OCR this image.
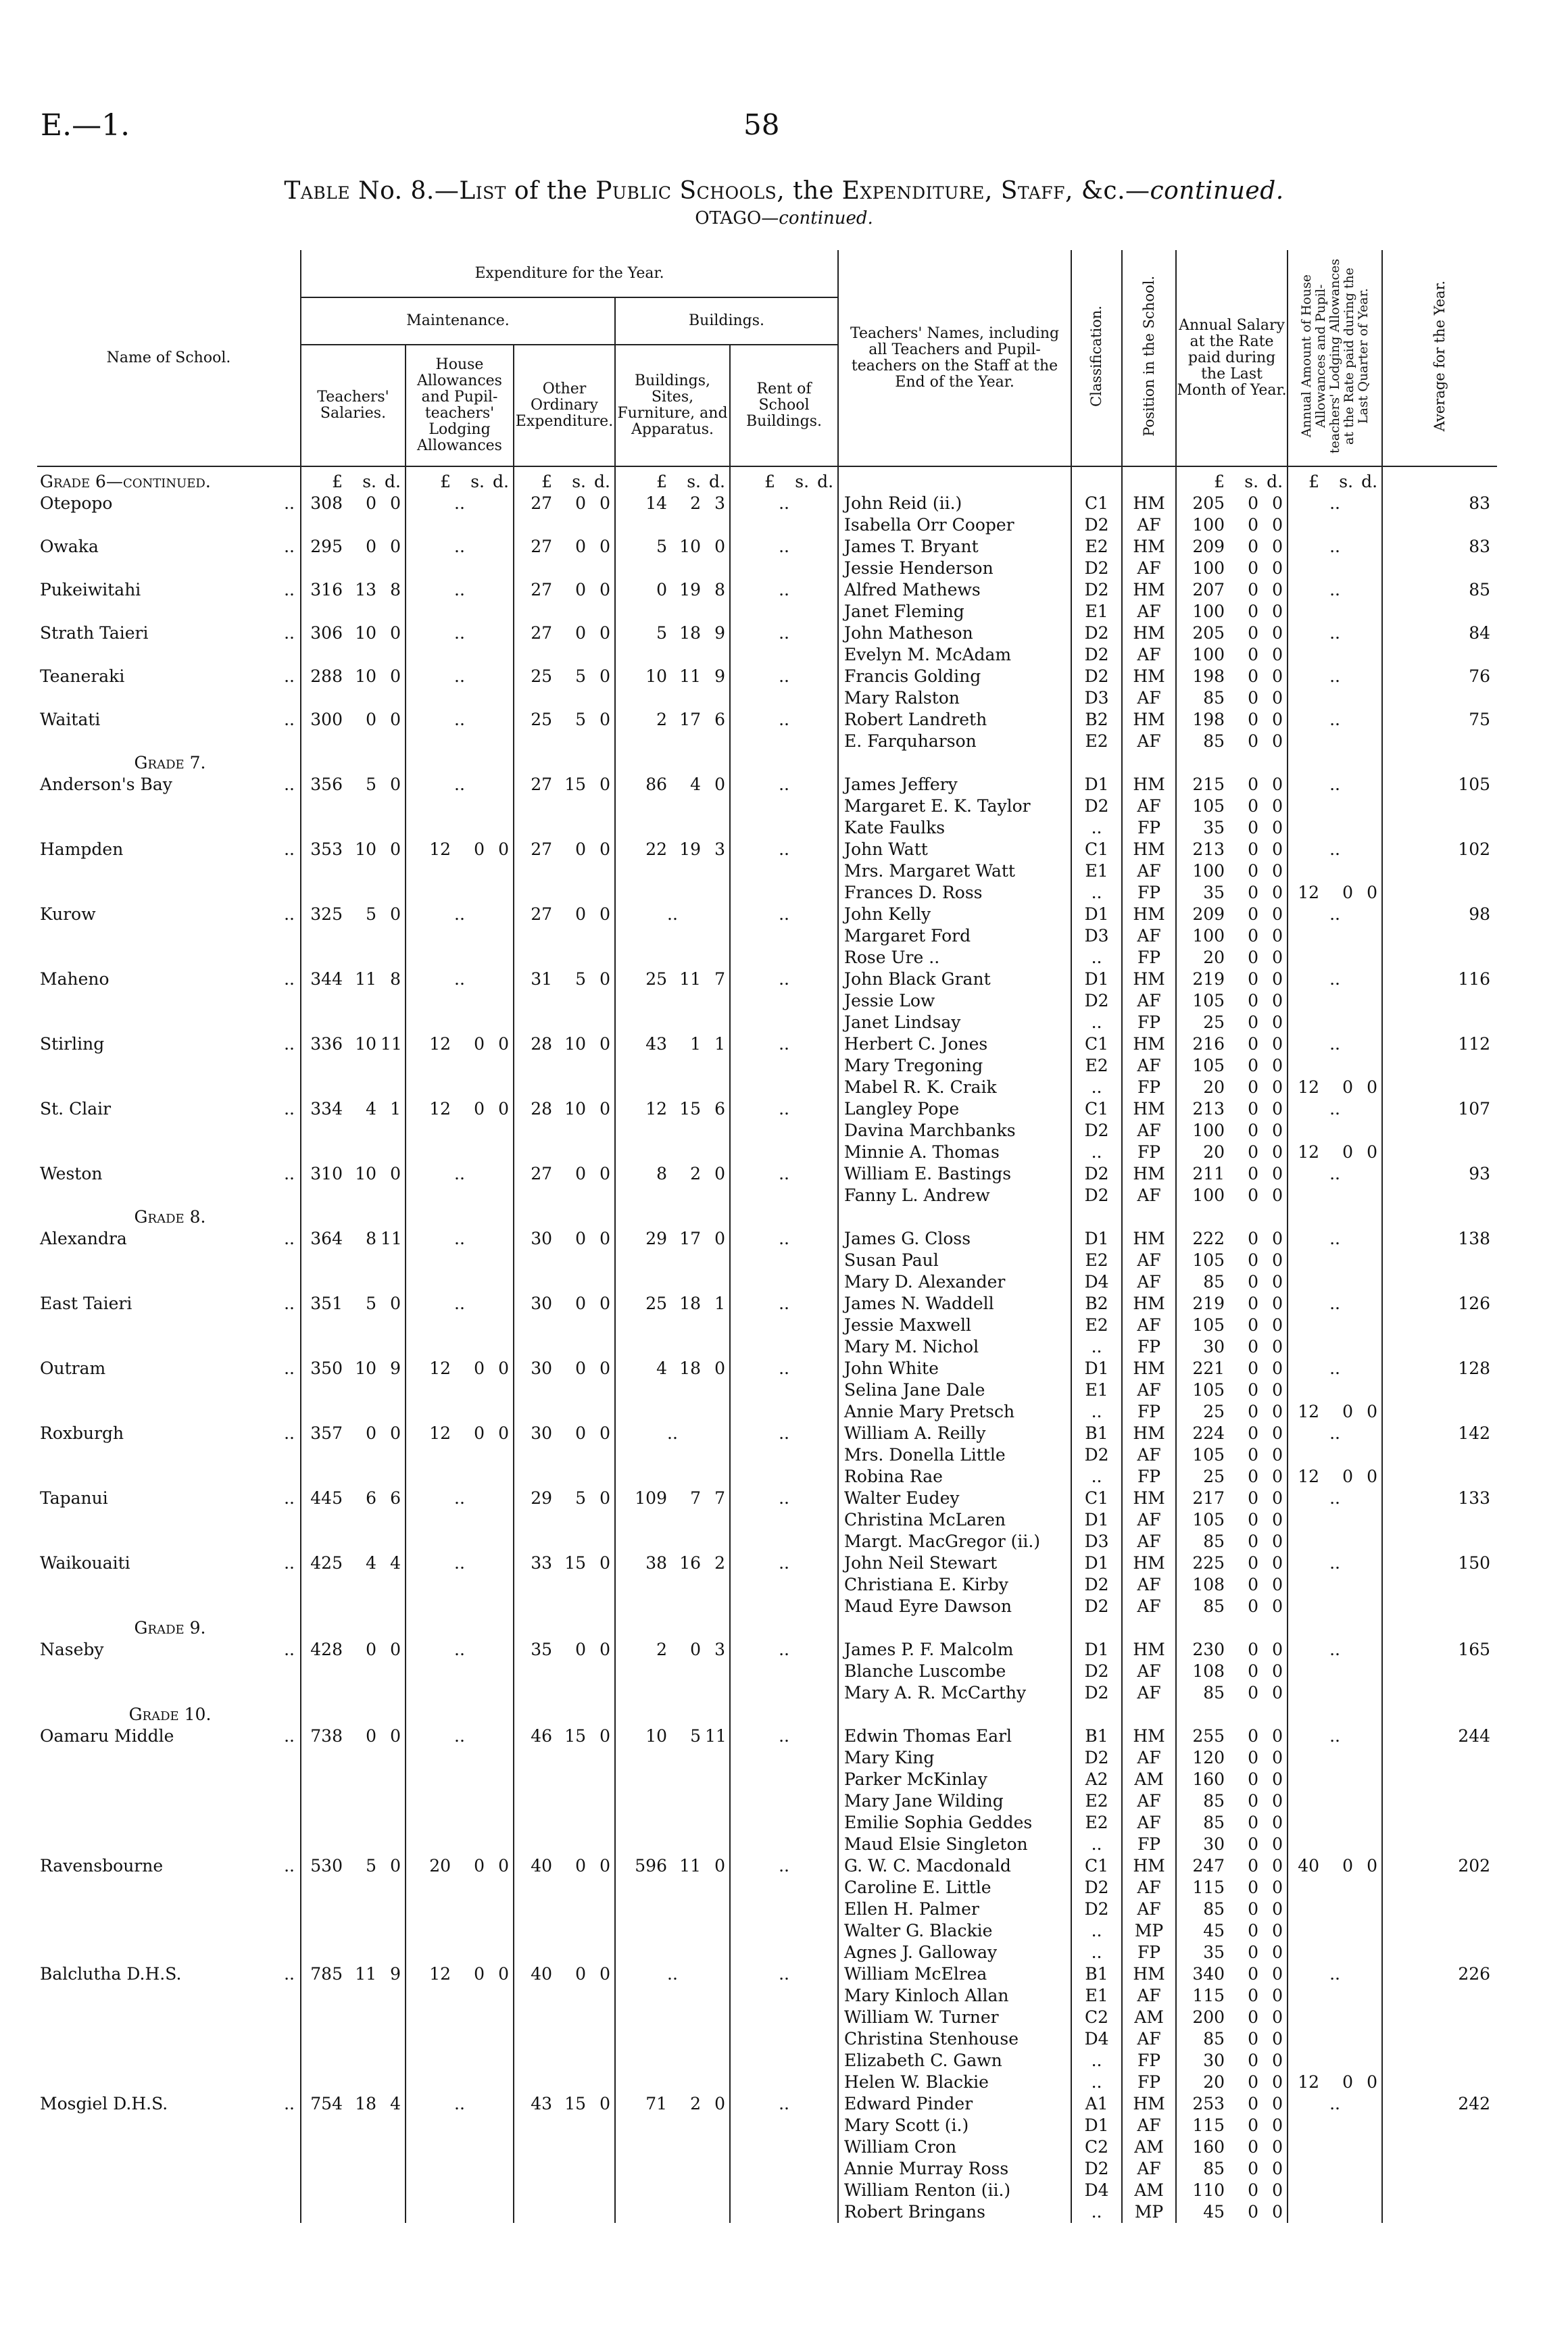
E.—1.	58
Table No. 8.—List of the Public Schools, the Expenditure, Staff, &c.—continued.
OTAGO—continued.
Name of School.	Expenditure for the Year.					Teachers' Names, including all Teachers and Pupil-teachers on the Staff at the End of the Year.	Classification.	Position in the School.	Annual Salary at the Rate paid during the Last Month of Year.	Annual Amount of House Allowances and Pupil-teachers' Lodging Allowances at the Rate paid during the Last Quarter of Year.	Average for the Year.
	Maintenance.			Buildings.							
	Teachers' Salaries.	House Allowances and Pupil-teachers' Lodging Allowances	Other Ordinary Expenditure.	Buildings, Sites, Furniture, and Apparatus.	Rent of School Buildings.						

Grade 6—continued.	£ s. d.	£ s. d.	£ s. d.	£ s. d.	£ s. d.				£ s. d.	£ s. d.	

Otepopo ..	308 0 0	..	27 0 0	14 2 3	..	John Reid (ii.)	C1	HM	205 0 0	..	83

						Isabella Orr Cooper	D2	AF	100 0 0		

Owaka ..	295 0 0	..	27 0 0	5 10 0	..	James T. Bryant	E2	HM	209 0 0	..	83

						Jessie Henderson	D2	AF	100 0 0		

Pukeiwitahi ..	316 13 8	..	27 0 0	0 19 8	..	Alfred Mathews	D2	HM	207 0 0	..	85

						Janet Fleming	E1	AF	100 0 0		

Strath Taieri ..	306 10 0	..	27 0 0	5 18 9	..	John Matheson	D2	HM	205 0 0	..	84

						Evelyn M. McAdam	D2	AF	100 0 0		

Teaneraki ..	288 10 0	..	25 5 0	10 11 9	..	Francis Golding	D2	HM	198 0 0	..	76

						Mary Ralston	D3	AF	85 0 0		

Waitati ..	300 0 0	..	25 5 0	2 17 6	..	Robert Landreth	B2	HM	198 0 0	..	75

						E. Farquharson	E2	AF	85 0 0		

Grade 7.											

Anderson's Bay ..	356 5 0	..	27 15 0	86 4 0	..	James Jeffery	D1	HM	215 0 0	..	105

						Margaret E. K. Taylor	D2	AF	105 0 0		

						Kate Faulks	..	FP	35 0 0		

Hampden ..	353 10 0	12 0 0	27 0 0	22 19 3	..	John Watt	C1	HM	213 0 0	..	102

						Mrs. Margaret Watt	E1	AF	100 0 0		

						Frances D. Ross	..	FP	35 0 0	12 0 0	

Kurow ..	325 5 0	..	27 0 0	..	..	John Kelly	D1	HM	209 0 0	..	98

						Margaret Ford	D3	AF	100 0 0		

						Rose Ure ..	..	FP	20 0 0		

Maheno ..	344 11 8	..	31 5 0	25 11 7	..	John Black Grant	D1	HM	219 0 0	..	116

						Jessie Low	D2	AF	105 0 0		

						Janet Lindsay	..	FP	25 0 0		

Stirling ..	336 10 11	12 0 0	28 10 0	43 1 1	..	Herbert C. Jones	C1	HM	216 0 0	..	112

						Mary Tregoning	E2	AF	105 0 0		

						Mabel R. K. Craik	..	FP	20 0 0	12 0 0	

St. Clair ..	334 4 1	12 0 0	28 10 0	12 15 6	..	Langley Pope	C1	HM	213 0 0	..	107

						Davina Marchbanks	D2	AF	100 0 0		

						Minnie A. Thomas	..	FP	20 0 0	12 0 0	

Weston ..	310 10 0	..	27 0 0	8 2 0	..	William E. Bastings	D2	HM	211 0 0	..	93

						Fanny L. Andrew	D2	AF	100 0 0		

Grade 8.											

Alexandra ..	364 8 11	..	30 0 0	29 17 0	..	James G. Closs	D1	HM	222 0 0	..	138

						Susan Paul	E2	AF	105 0 0		

						Mary D. Alexander	D4	AF	85 0 0		

East Taieri ..	351 5 0	..	30 0 0	25 18 1	..	James N. Waddell	B2	HM	219 0 0	..	126

						Jessie Maxwell	E2	AF	105 0 0		

						Mary M. Nichol	..	FP	30 0 0		

Outram ..	350 10 9	12 0 0	30 0 0	4 18 0	..	John White	D1	HM	221 0 0	..	128

						Selina Jane Dale	E1	AF	105 0 0		

						Annie Mary Pretsch	..	FP	25 0 0	12 0 0	

Roxburgh ..	357 0 0	12 0 0	30 0 0	..	..	William A. Reilly	B1	HM	224 0 0	..	142

						Mrs. Donella Little	D2	AF	105 0 0		

						Robina Rae	..	FP	25 0 0	12 0 0	

Tapanui ..	445 6 6	..	29 5 0	109 7 7	..	Walter Eudey	C1	HM	217 0 0	..	133

						Christina McLaren	D1	AF	105 0 0		

						Margt. MacGregor (ii.)	D3	AF	85 0 0		

Waikouaiti ..	425 4 4	..	33 15 0	38 16 2	..	John Neil Stewart	D1	HM	225 0 0	..	150

						Christiana E. Kirby	D2	AF	108 0 0		

						Maud Eyre Dawson	D2	AF	85 0 0		

Grade 9.											

Naseby ..	428 0 0	..	35 0 0	2 0 3	..	James P. F. Malcolm	D1	HM	230 0 0	..	165

						Blanche Luscombe	D2	AF	108 0 0		

						Mary A. R. McCarthy	D2	AF	85 0 0		

Grade 10.											

Oamaru Middle ..	738 0 0	..	46 15 0	10 5 11	..	Edwin Thomas Earl	B1	HM	255 0 0	..	244

						Mary King	D2	AF	120 0 0		

						Parker McKinlay	A2	AM	160 0 0		

						Mary Jane Wilding	E2	AF	85 0 0		

						Emilie Sophia Geddes	E2	AF	85 0 0		

						Maud Elsie Singleton	..	FP	30 0 0		

Ravensbourne ..	530 5 0	20 0 0	40 0 0	596 11 0	..	G. W. C. Macdonald	C1	HM	247 0 0	40 0 0	202

						Caroline E. Little	D2	AF	115 0 0		

						Ellen H. Palmer	D2	AF	85 0 0		

						Walter G. Blackie	..	MP	45 0 0		

						Agnes J. Galloway	..	FP	35 0 0		

Balclutha D.H.S. ..	785 11 9	12 0 0	40 0 0	..	..	William McElrea	B1	HM	340 0 0	..	226

						Mary Kinloch Allan	E1	AF	115 0 0		

						William W. Turner	C2	AM	200 0 0		

						Christina Stenhouse	D4	AF	85 0 0		

						Elizabeth C. Gawn	..	FP	30 0 0		

						Helen W. Blackie	..	FP	20 0 0	12 0 0	

Mosgiel D.H.S. ..	754 18 4	..	43 15 0	71 2 0	..	Edward Pinder	A1	HM	253 0 0	..	242

						Mary Scott (i.)	D1	AF	115 0 0		

						William Cron	C2	AM	160 0 0		

						Annie Murray Ross	D2	AF	85 0 0		

						William Renton (ii.)	D4	AM	110 0 0		

						Robert Bringans	..	MP	45 0 0		
